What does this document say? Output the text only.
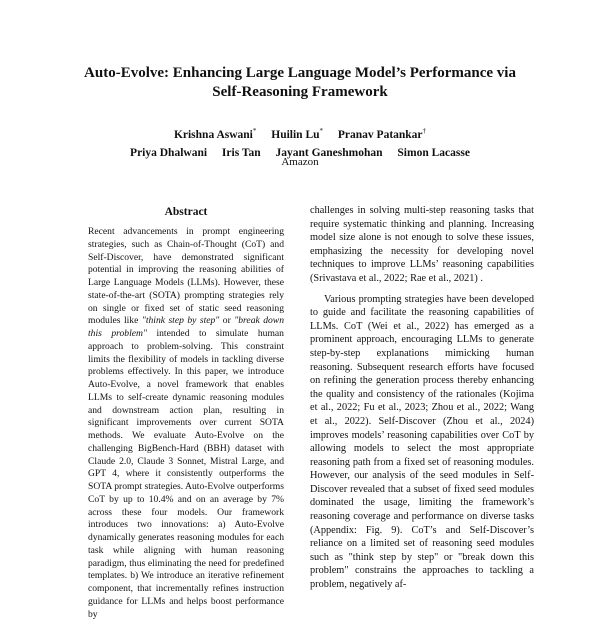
Auto-Evolve: Enhancing Large Language Model’s Performance via
Self-Reasoning Framework
Krishna Aswani* Huilin Lu* Pranav Patankar†
Priya Dhalwani Iris Tan Jayant Ganeshmohan Simon Lacasse
Amazon
Abstract

Recent advancements in prompt engineering strategies, such as Chain-of-Thought (CoT) and Self-Discover, have demonstrated significant potential in improving the reasoning abilities of Large Language Models (LLMs). However, these state-of-the-art (SOTA) prompting strategies rely on single or fixed set of static seed reasoning modules like "think step by step" or "break down this problem" intended to simulate human approach to problem-solving. This constraint limits the flexibility of models in tackling diverse problems effectively. In this paper, we introduce Auto-Evolve, a novel framework that enables LLMs to self-create dynamic reasoning modules and downstream action plan, resulting in significant improvements over current SOTA methods. We evaluate Auto-Evolve on the challenging BigBench-Hard (BBH) dataset with Claude 2.0, Claude 3 Sonnet, Mistral Large, and GPT 4, where it consistently outperforms the SOTA prompt strategies. Auto-Evolve outperforms CoT by up to 10.4% and on an average by 7% across these four models. Our framework introduces two innovations: a) Auto-Evolve dynamically generates reasoning modules for each task while aligning with human reasoning paradigm, thus eliminating the need for predefined templates. b) We introduce an iterative refinement component, that incrementally refines instruction guidance for LLMs and helps boost performance by

challenges in solving multi-step reasoning tasks that require systematic thinking and planning. Increasing model size alone is not enough to solve these issues, emphasizing the necessity for developing novel techniques to improve LLMs’ reasoning capabilities (Srivastava et al., 2022; Rae et al., 2021) .

Various prompting strategies have been developed to guide and facilitate the reasoning capabilities of LLMs. CoT (Wei et al., 2022) has emerged as a prominent approach, encouraging LLMs to generate step-by-step explanations mimicking human reasoning. Subsequent research efforts have focused on refining the generation process thereby enhancing the quality and consistency of the rationales (Kojima et al., 2022; Fu et al., 2023; Zhou et al., 2022; Wang et al., 2022). Self-Discover (Zhou et al., 2024) improves models’ reasoning capabilities over CoT by allowing models to select the most appropriate reasoning path from a fixed set of reasoning modules. However, our analysis of the seed modules in Self-Discover revealed that a subset of fixed seed modules dominated the usage, limiting the framework’s reasoning coverage and performance on diverse tasks (Appendix: Fig. 9). CoT’s and Self-Discover’s reliance on a limited set of reasoning seed modules such as "think step by step" or "break down this problem" constrains the approaches to tackling a problem, negatively af-
